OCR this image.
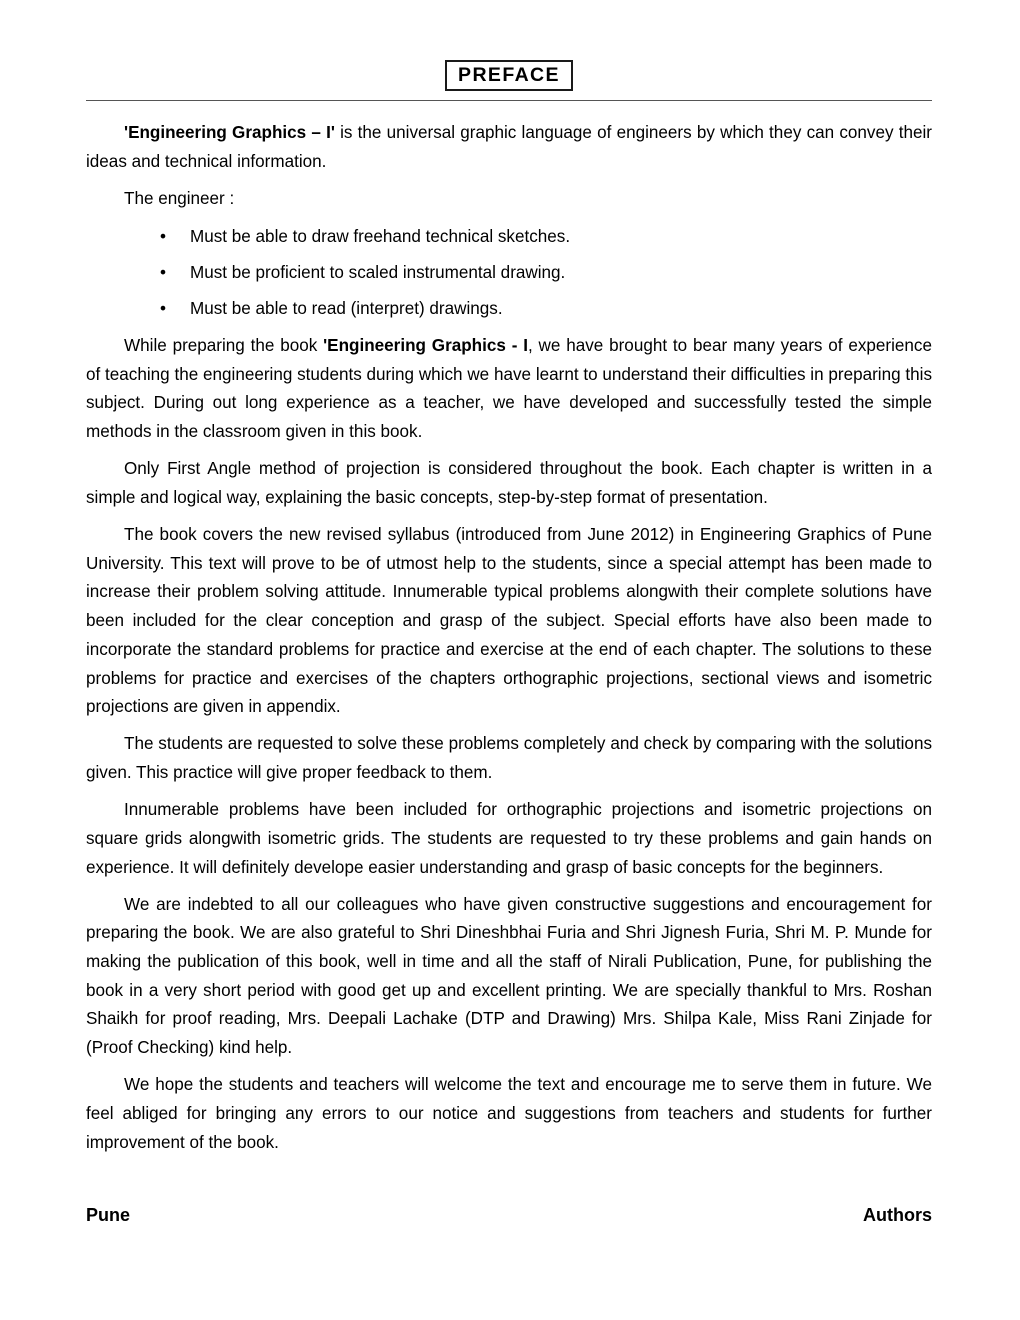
PREFACE

'Engineering Graphics – I' is the universal graphic language of engineers by which they can convey their ideas and technical information.

The engineer :

• Must be able to draw freehand technical sketches.
• Must be proficient to scaled instrumental drawing.
• Must be able to read (interpret) drawings.

While preparing the book 'Engineering Graphics - I, we have brought to bear many years of experience of teaching the engineering students during which we have learnt to understand their difficulties in preparing this subject. During out long experience as a teacher, we have developed and successfully tested the simple methods in the classroom given in this book.

Only First Angle method of projection is considered throughout the book. Each chapter is written in a simple and logical way, explaining the basic concepts, step-by-step format of presentation.

The book covers the new revised syllabus (introduced from June 2012) in Engineering Graphics of Pune University. This text will prove to be of utmost help to the students, since a special attempt has been made to increase their problem solving attitude. Innumerable typical problems alongwith their complete solutions have been included for the clear conception and grasp of the subject. Special efforts have also been made to incorporate the standard problems for practice and exercise at the end of each chapter. The solutions to these problems for practice and exercises of the chapters orthographic projections, sectional views and isometric projections are given in appendix.

The students are requested to solve these problems completely and check by comparing with the solutions given. This practice will give proper feedback to them.

Innumerable problems have been included for orthographic projections and isometric projections on square grids alongwith isometric grids. The students are requested to try these problems and gain hands on experience. It will definitely develope easier understanding and grasp of basic concepts for the beginners.

We are indebted to all our colleagues who have given constructive suggestions and encouragement for preparing the book. We are also grateful to Shri Dineshbhai Furia and Shri Jignesh Furia, Shri M. P. Munde for making the publication of this book, well in time and all the staff of Nirali Publication, Pune, for publishing the book in a very short period with good get up and excellent printing. We are specially thankful to Mrs. Roshan Shaikh for proof reading, Mrs. Deepali Lachake (DTP and Drawing) Mrs. Shilpa Kale, Miss Rani Zinjade for (Proof Checking) kind help.

We hope the students and teachers will welcome the text and encourage me to serve them in future. We feel abliged for bringing any errors to our notice and suggestions from teachers and students for further improvement of the book.

Pune	Authors
